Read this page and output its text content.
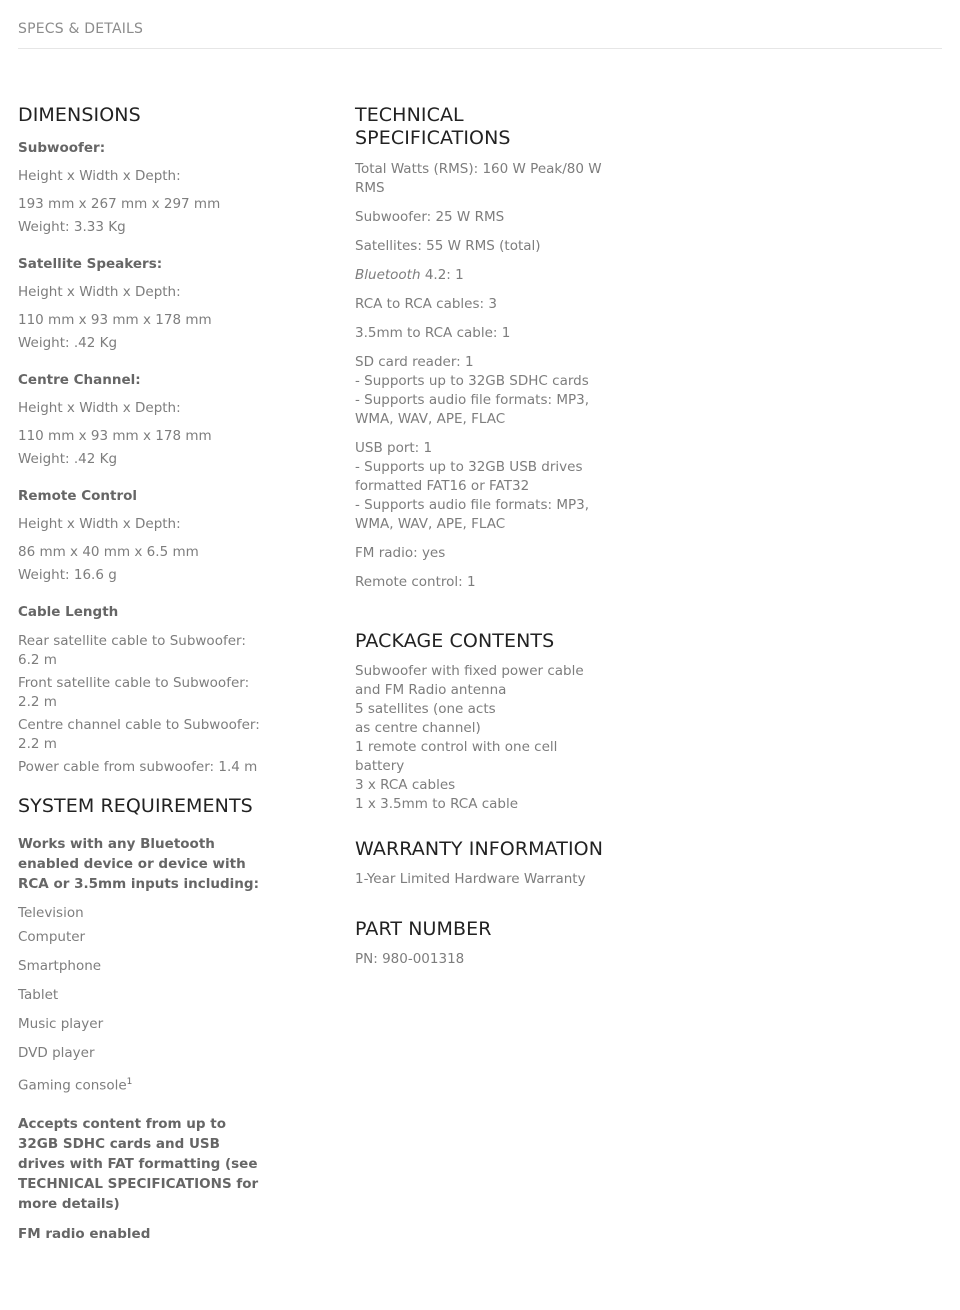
SPECS & DETAILS
DIMENSIONS
Subwoofer:
Height x Width x Depth:
193 mm x 267 mm x 297 mm
Weight: 3.33 Kg
Satellite Speakers:
Height x Width x Depth:
110 mm x 93 mm x 178 mm
Weight: .42 Kg
Centre Channel:
Height x Width x Depth:
110 mm x 93 mm x 178 mm
Weight: .42 Kg
Remote Control
Height x Width x Depth:
86 mm x 40 mm x 6.5 mm
Weight: 16.6 g
Cable Length
Rear satellite cable to Subwoofer: 6.2 m
Front satellite cable to Subwoofer: 2.2 m
Centre channel cable to Subwoofer: 2.2 m
Power cable from subwoofer: 1.4 m
SYSTEM REQUIREMENTS
Works with any Bluetooth enabled device or device with RCA or 3.5mm inputs including:
Television
Computer
Smartphone
Tablet
Music player
DVD player
Gaming console$^1$
Accepts content from up to 32GB SDHC cards and USB drives with FAT formatting (see TECHNICAL SPECIFICATIONS for more details)
FM radio enabled
TECHNICAL SPECIFICATIONS
Total Watts (RMS): 160 W Peak/80 W RMS
Subwoofer: 25 W RMS
Satellites: 55 W RMS (total)
Bluetooth 4.2: 1
RCA to RCA cables: 3
3.5mm to RCA cable: 1
SD card reader: 1
- Supports up to 32GB SDHC cards
- Supports audio file formats: MP3, WMA, WAV, APE, FLAC
USB port: 1
- Supports up to 32GB USB drives formatted FAT16 or FAT32
- Supports audio file formats: MP3, WMA, WAV, APE, FLAC
FM radio: yes
Remote control: 1
PACKAGE CONTENTS
Subwoofer with fixed power cable and FM Radio antenna
5 satellites (one acts
as centre channel)
1 remote control with one cell battery
3 x RCA cables
1 x 3.5mm to RCA cable
WARRANTY INFORMATION
1-Year Limited Hardware Warranty
PART NUMBER
PN: 980-001318
